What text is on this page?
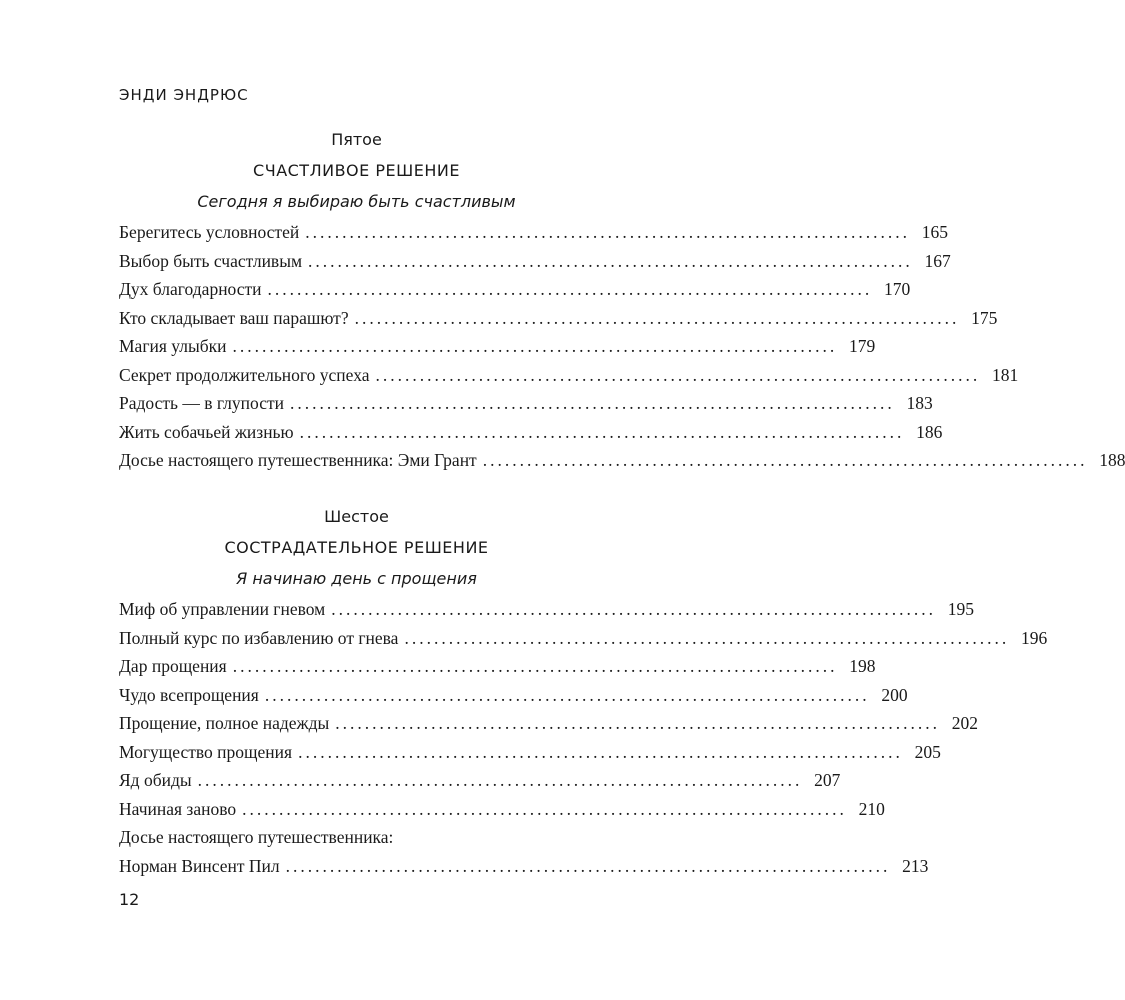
ЭНДИ ЭНДРЮС
Пятое
СЧАСТЛИВОЕ РЕШЕНИЕ
Сегодня я выбираю быть счастливым
Берегитесь условностей .................................................................................. 165
Выбор быть счастливым .................................................................................. 167
Дух благодарности .................................................................................. 170
Кто складывает ваш парашют? .................................................................................. 175
Магия улыбки .................................................................................. 179
Секрет продолжительного успеха .................................................................................. 181
Радость — в глупости .................................................................................. 183
Жить собачьей жизнью .................................................................................. 186
Досье настоящего путешественника: Эми Грант .................................................................................. 188
Шестое
СОСТРАДАТЕЛЬНОЕ РЕШЕНИЕ
Я начинаю день с прощения
Миф об управлении гневом .................................................................................. 195
Полный курс по избавлению от гнева .................................................................................. 196
Дар прощения .................................................................................. 198
Чудо всепрощения .................................................................................. 200
Прощение, полное надежды .................................................................................. 202
Могущество прощения .................................................................................. 205
Яд обиды .................................................................................. 207
Начиная заново .................................................................................. 210
Досье настоящего путешественника:
Норман Винсент Пил .................................................................................. 213
12
